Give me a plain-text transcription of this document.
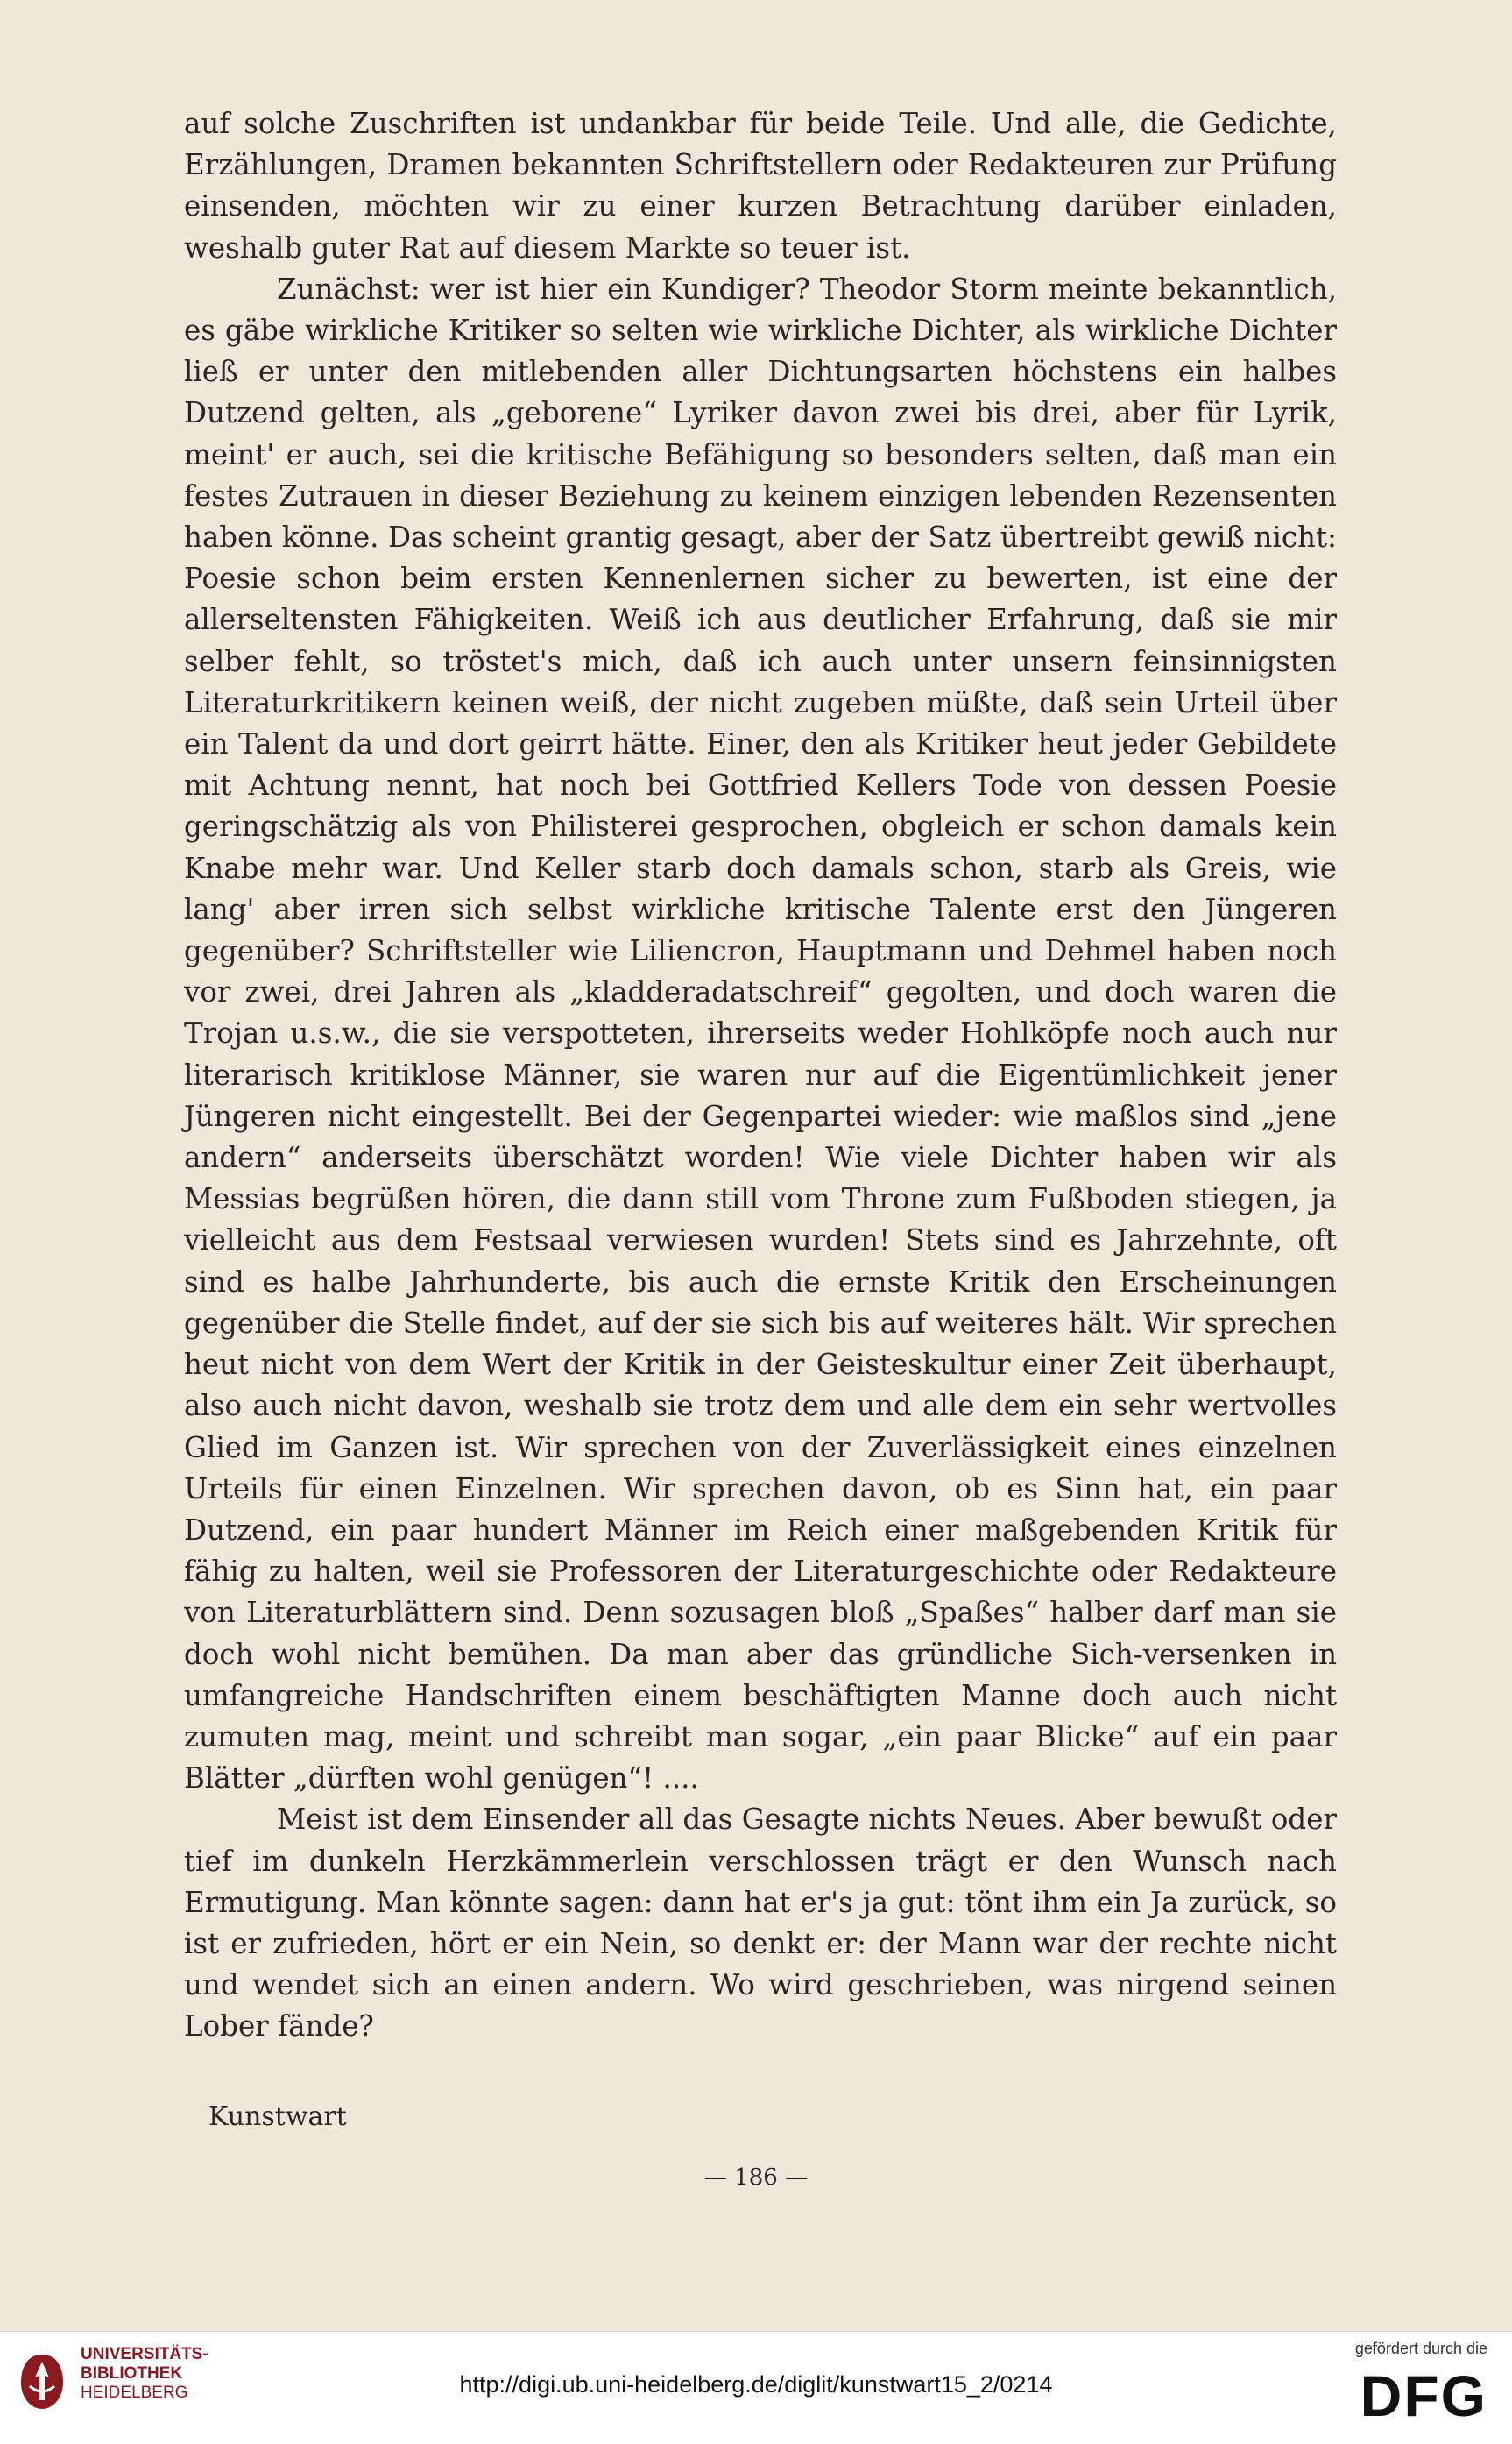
auf solche Zuschriften ist undankbar für beide Teile. Und alle, die Gedichte, Erzählungen, Dramen bekannten Schriftstellern oder Redakteuren zur Prüfung einsenden, möchten wir zu einer kurzen Betrachtung darüber einladen, weshalb guter Rat auf diesem Markte so teuer ist.

Zunächst: wer ist hier ein Kundiger? Theodor Storm meinte bekanntlich, es gäbe wirkliche Kritiker so selten wie wirkliche Dichter, als wirkliche Dichter ließ er unter den mitlebenden aller Dichtungsarten höchstens ein halbes Dutzend gelten, als „geborene“ Lyriker davon zwei bis drei, aber für Lyrik, meint' er auch, sei die kritische Befähigung so besonders selten, daß man ein festes Zutrauen in dieser Beziehung zu keinem einzigen lebenden Rezensenten haben könne. Das scheint grantig gesagt, aber der Satz übertreibt gewiß nicht: Poesie schon beim ersten Kennenlernen sicher zu bewerten, ist eine der allerseltensten Fähigkeiten. Weiß ich aus deutlicher Erfahrung, daß sie mir selber fehlt, so tröstet's mich, daß ich auch unter unsern feinsinnigsten Literaturkritikern keinen weiß, der nicht zugeben müßte, daß sein Urteil über ein Talent da und dort geirrt hätte. Einer, den als Kritiker heut jeder Gebildete mit Achtung nennt, hat noch bei Gottfried Kellers Tode von dessen Poesie geringschätzig als von Philisterei gesprochen, obgleich er schon damals kein Knabe mehr war. Und Keller starb doch damals schon, starb als Greis, wie lang' aber irren sich selbst wirkliche kritische Talente erst den Jüngeren gegenüber? Schriftsteller wie Liliencron, Hauptmann und Dehmel haben noch vor zwei, drei Jahren als „kladderadatschreif“ gegolten, und doch waren die Trojan u.s.w., die sie verspotteten, ihrerseits weder Hohlköpfe noch auch nur literarisch kritiklose Männer, sie waren nur auf die Eigentümlichkeit jener Jüngeren nicht eingestellt. Bei der Gegenpartei wieder: wie maßlos sind „jene andern“ anderseits überschätzt worden! Wie viele Dichter haben wir als Messias begrüßen hören, die dann still vom Throne zum Fußboden stiegen, ja vielleicht aus dem Festsaal verwiesen wurden! Stets sind es Jahrzehnte, oft sind es halbe Jahrhunderte, bis auch die ernste Kritik den Erscheinungen gegenüber die Stelle findet, auf der sie sich bis auf weiteres hält. Wir sprechen heut nicht von dem Wert der Kritik in der Geisteskultur einer Zeit überhaupt, also auch nicht davon, weshalb sie trotz dem und alle dem ein sehr wertvolles Glied im Ganzen ist. Wir sprechen von der Zuverlässigkeit eines einzelnen Urteils für einen Einzelnen. Wir sprechen davon, ob es Sinn hat, ein paar Dutzend, ein paar hundert Männer im Reich einer maßgebenden Kritik für fähig zu halten, weil sie Professoren der Literaturgeschichte oder Redakteure von Literaturblättern sind. Denn sozusagen bloß „Spaßes“ halber darf man sie doch wohl nicht bemühen. Da man aber das gründliche Sich-versenken in umfangreiche Handschriften einem beschäftigten Manne doch auch nicht zumuten mag, meint und schreibt man sogar, „ein paar Blicke“ auf ein paar Blätter „dürften wohl genügen“! ....

Meist ist dem Einsender all das Gesagte nichts Neues. Aber bewußt oder tief im dunkeln Herzkämmerlein verschlossen trägt er den Wunsch nach Ermutigung. Man könnte sagen: dann hat er's ja gut: tönt ihm ein Ja zurück, so ist er zufrieden, hört er ein Nein, so denkt er: der Mann war der rechte nicht und wendet sich an einen andern. Wo wird geschrieben, was nirgend seinen Lober fände?

Kunstwart
— 186 —
UNIVERSITÄTS-
BIBLIOTHEK
HEIDELBERG	http://digi.ub.uni-heidelberg.de/diglit/kunstwart15_2/0214
gefördert durch die
DFG
